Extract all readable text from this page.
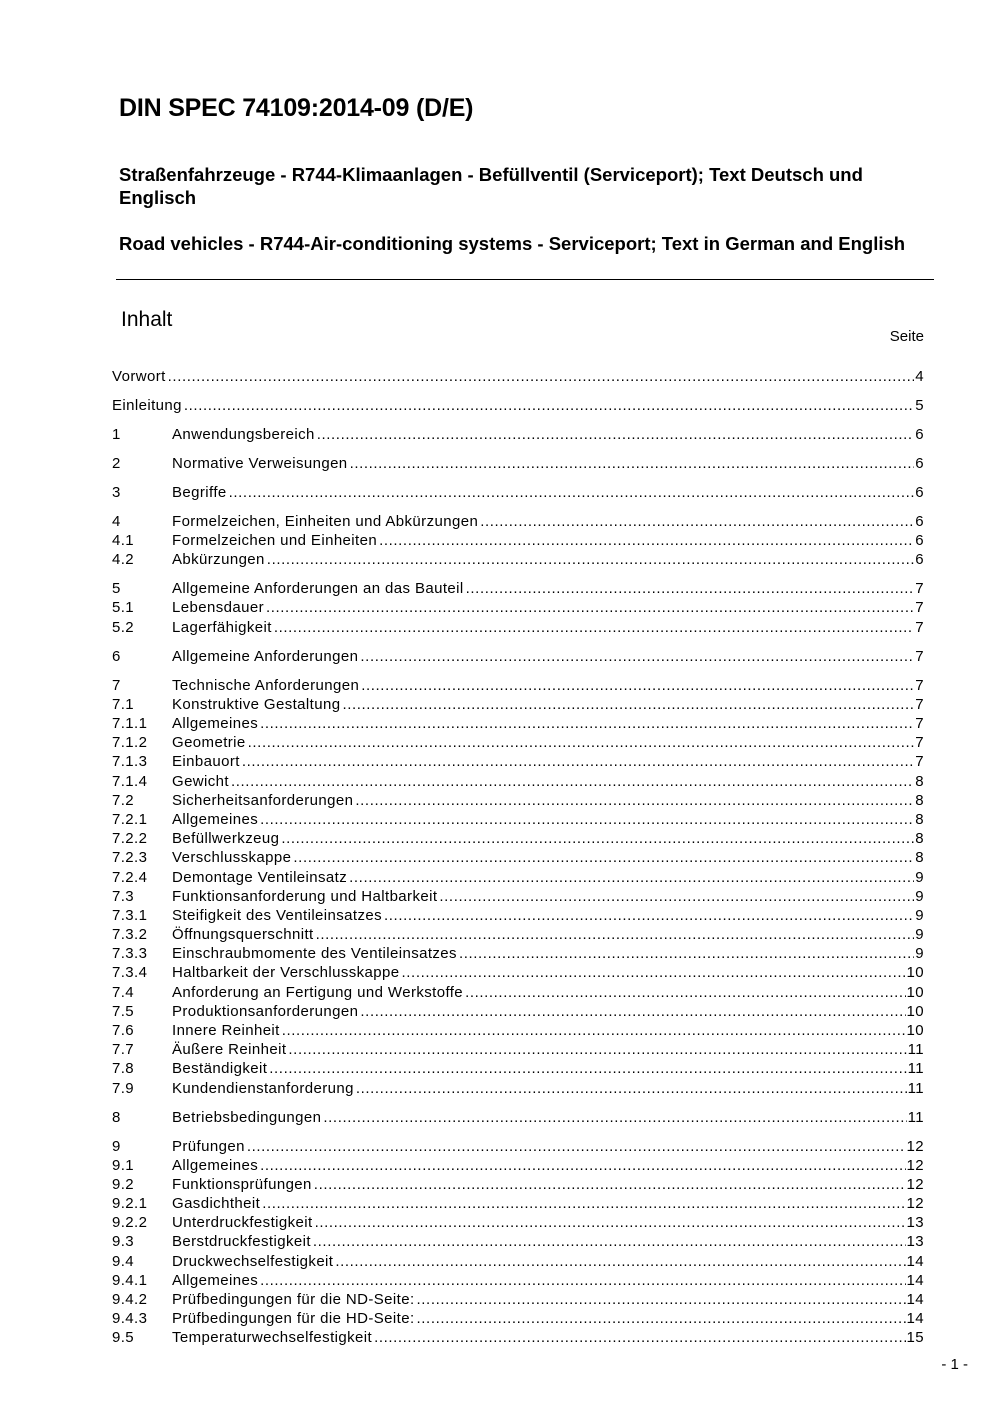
DIN SPEC 74109:2014-09 (D/E)
Straßenfahrzeuge - R744-Klimaanlagen - Befüllventil (Serviceport); Text Deutsch und Englisch
Road vehicles - R744-Air-conditioning systems - Serviceport; Text in German and English
Inhalt
Seite
Vorwort .....	4
Einleitung .....	5
1	Anwendungsbereich .....	6
2	Normative Verweisungen .....	6
3	Begriffe .....	6
4	Formelzeichen, Einheiten und Abkürzungen .....	6
4.1	Formelzeichen und Einheiten .....	6
4.2	Abkürzungen .....	6
5	Allgemeine Anforderungen an das Bauteil .....	7
5.1	Lebensdauer .....	7
5.2	Lagerfähigkeit .....	7
6	Allgemeine Anforderungen .....	7
7	Technische Anforderungen .....	7
7.1	Konstruktive Gestaltung .....	7
7.1.1	Allgemeines .....	7
7.1.2	Geometrie .....	7
7.1.3	Einbauort .....	7
7.1.4	Gewicht .....	8
7.2	Sicherheitsanforderungen .....	8
7.2.1	Allgemeines .....	8
7.2.2	Befüllwerkzeug .....	8
7.2.3	Verschlusskappe .....	8
7.2.4	Demontage Ventileinsatz .....	9
7.3	Funktionsanforderung und Haltbarkeit .....	9
7.3.1	Steifigkeit des Ventileinsatzes .....	9
7.3.2	Öffnungsquerschnitt .....	9
7.3.3	Einschraubmomente des Ventileinsatzes .....	9
7.3.4	Haltbarkeit der Verschlusskappe .....	10
7.4	Anforderung an Fertigung und Werkstoffe .....	10
7.5	Produktionsanforderungen .....	10
7.6	Innere Reinheit .....	10
7.7	Äußere Reinheit .....	11
7.8	Beständigkeit .....	11
7.9	Kundendienstanforderung .....	11
8	Betriebsbedingungen .....	11
9	Prüfungen .....	12
9.1	Allgemeines .....	12
9.2	Funktionsprüfungen .....	12
9.2.1	Gasdichtheit .....	12
9.2.2	Unterdruckfestigkeit .....	13
9.3	Berstdruckfestigkeit .....	13
9.4	Druckwechselfestigkeit .....	14
9.4.1	Allgemeines .....	14
9.4.2	Prüfbedingungen für die ND-Seite: .....	14
9.4.3	Prüfbedingungen für die HD-Seite: .....	14
9.5	Temperaturwechselfestigkeit .....	15
- 1 -
